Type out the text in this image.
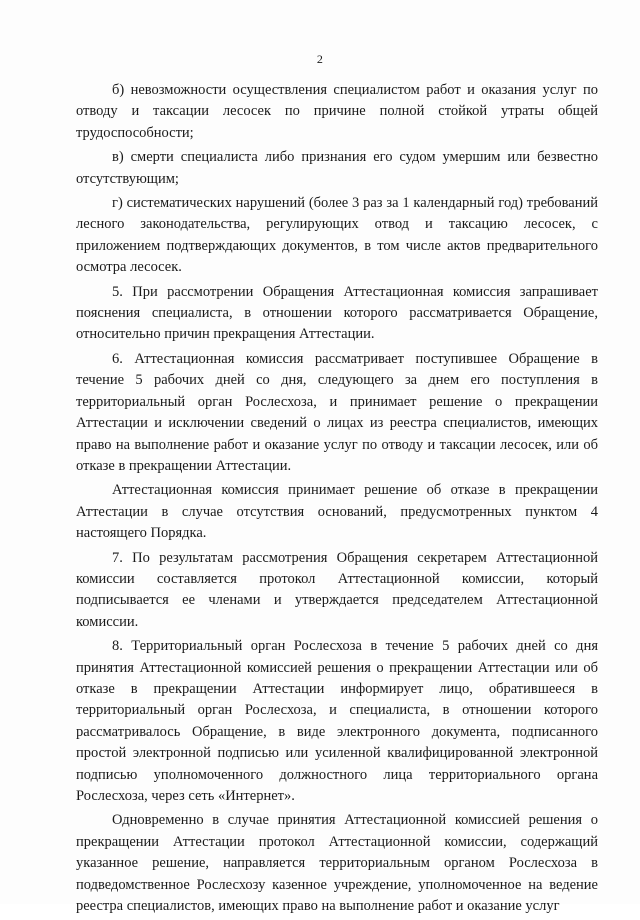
2

б) невозможности осуществления специалистом работ и оказания услуг по отводу и таксации лесосек по причине полной стойкой утраты общей трудоспособности;

в) смерти специалиста либо признания его судом умершим или безвестно отсутствующим;

г) систематических нарушений (более 3 раз за 1 календарный год) требований лесного законодательства, регулирующих отвод и таксацию лесосек, с приложением подтверждающих документов, в том числе актов предварительного осмотра лесосек.

5. При рассмотрении Обращения Аттестационная комиссия запрашивает пояснения специалиста, в отношении которого рассматривается Обращение, относительно причин прекращения Аттестации.

6. Аттестационная комиссия рассматривает поступившее Обращение в течение 5 рабочих дней со дня, следующего за днем его поступления в территориальный орган Рослесхоза, и принимает решение о прекращении Аттестации и исключении сведений о лицах из реестра специалистов, имеющих право на выполнение работ и оказание услуг по отводу и таксации лесосек, или об отказе в прекращении Аттестации.

Аттестационная комиссия принимает решение об отказе в прекращении Аттестации в случае отсутствия оснований, предусмотренных пунктом 4 настоящего Порядка.

7. По результатам рассмотрения Обращения секретарем Аттестационной комиссии составляется протокол Аттестационной комиссии, который подписывается ее членами и утверждается председателем Аттестационной комиссии.

8. Территориальный орган Рослесхоза в течение 5 рабочих дней со дня принятия Аттестационной комиссией решения о прекращении Аттестации или об отказе в прекращении Аттестации информирует лицо, обратившееся в территориальный орган Рослесхоза, и специалиста, в отношении которого рассматривалось Обращение, в виде электронного документа, подписанного простой электронной подписью или усиленной квалифицированной электронной подписью уполномоченного должностного лица территориального органа Рослесхоза, через сеть «Интернет».

Одновременно в случае принятия Аттестационной комиссией решения о прекращении Аттестации протокол Аттестационной комиссии, содержащий указанное решение, направляется территориальным органом Рослесхоза в подведомственное Рослесхозу казенное учреждение, уполномоченное на ведение реестра специалистов, имеющих право на выполнение работ и оказание услуг
